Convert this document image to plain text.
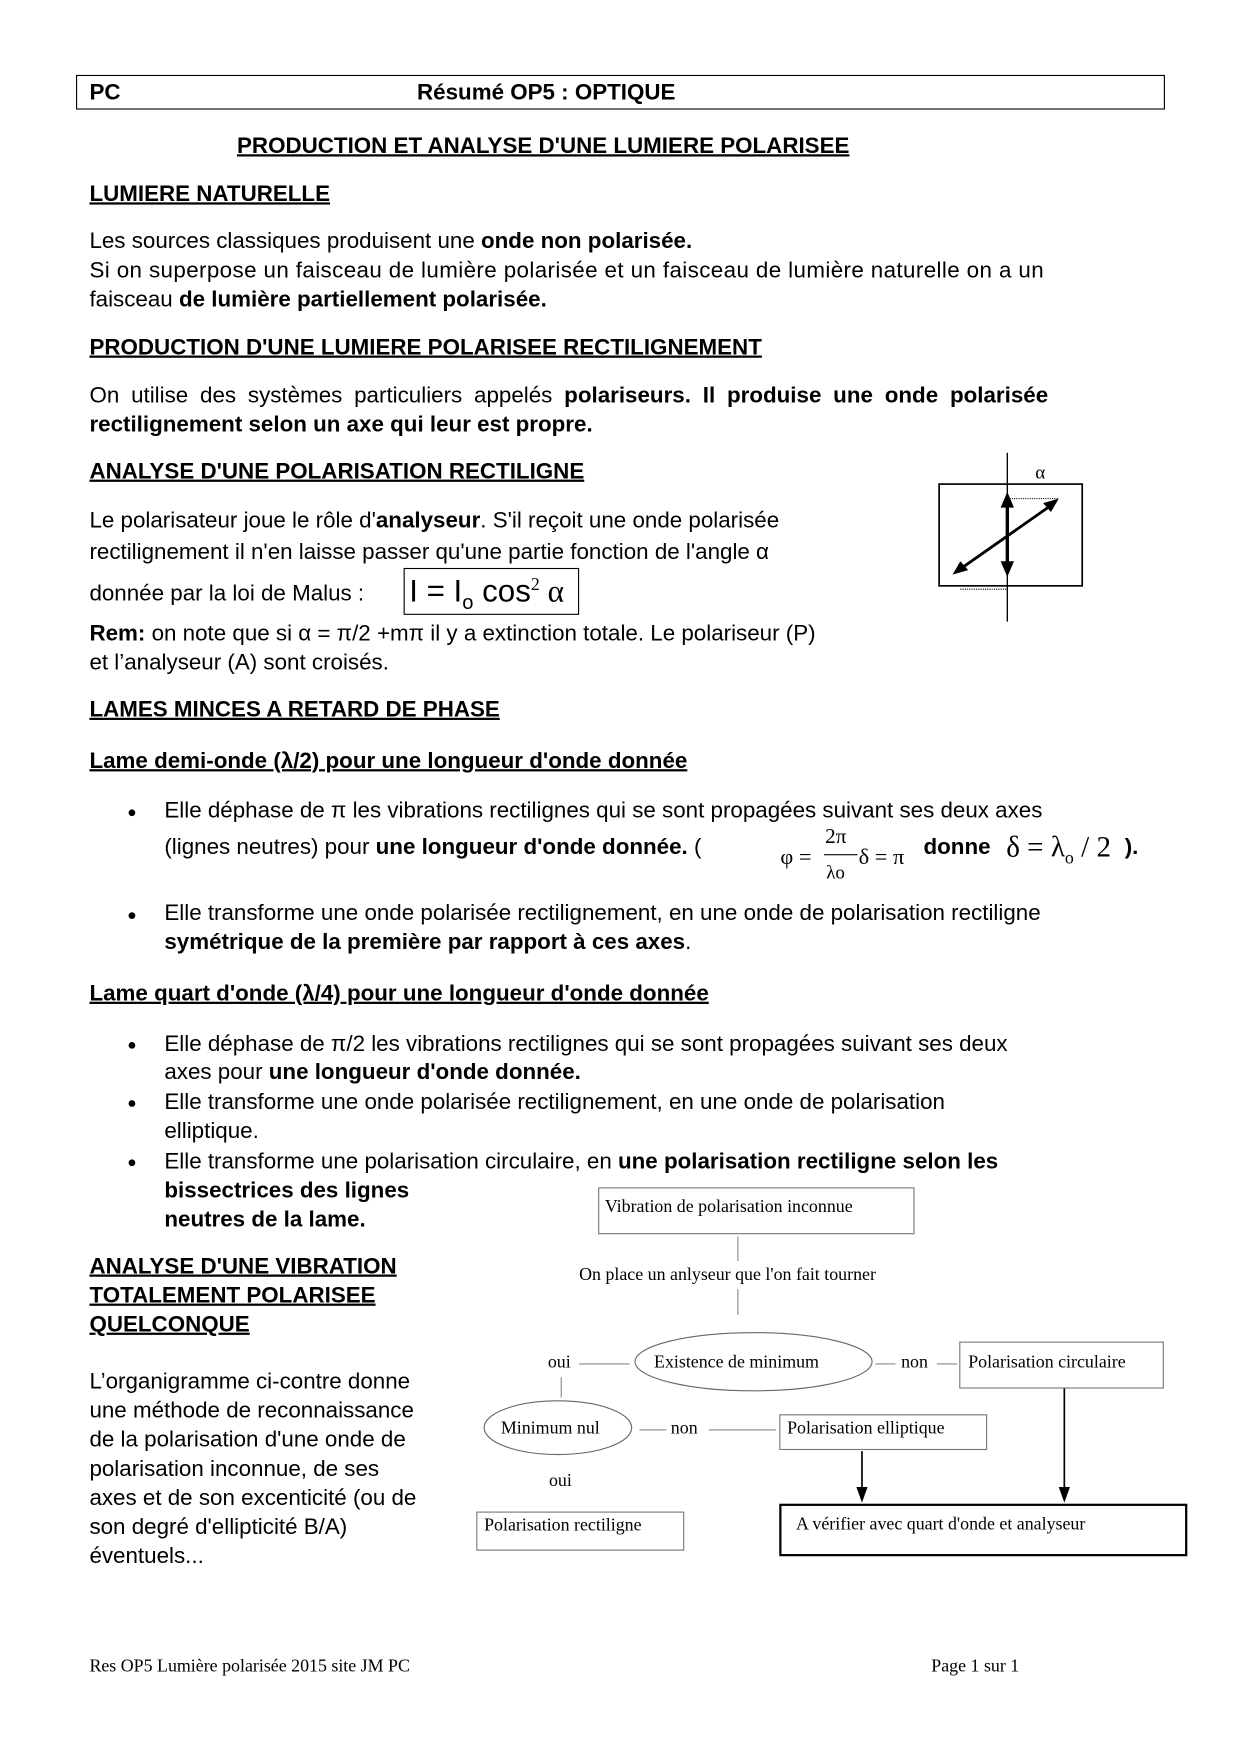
PC	Résumé OP5 : OPTIQUE
PRODUCTION ET ANALYSE D'UNE LUMIERE POLARISEE
LUMIERE NATURELLE
Les sources classiques produisent une onde non polarisée.
Si on superpose un faisceau de lumière polarisée et un faisceau de lumière naturelle on a un
faisceau de lumière partiellement polarisée.
PRODUCTION D'UNE LUMIERE POLARISEE RECTILIGNEMENT
On utilise des systèmes particuliers appelés polariseurs. Il produise une onde polarisée
rectilignement selon un axe qui leur est propre.
ANALYSE D'UNE POLARISATION RECTILIGNE
Le polarisateur joue le rôle d'analyseur. S'il reçoit une onde polarisée
rectilignement il n'en laisse passer qu'une partie fonction de l'angle α
donnée par la loi de Malus : $I = I_o$ $\cos^2 \alpha$
Rem: on note que si α = π/2 +mπ il y a extinction totale. Le polariseur (P)
et l’analyseur (A) sont croisés.
α
LAMES MINCES A RETARD DE PHASE
Lame demi-onde (λ/2) pour une longueur d'onde donnée
Elle déphase de π les vibrations rectilignes qui se sont propagées suivant ses deux axes
(lignes neutres) pour une longueur d'onde donnée. (	φ =
2π
λo
δ = π donne $\delta = \lambda_o / 2$ ).
Elle transforme une onde polarisée rectilignement, en une onde de polarisation rectiligne
symétrique de la première par rapport à ces axes.
Lame quart d'onde (λ/4) pour une longueur d'onde donnée
Elle déphase de π/2 les vibrations rectilignes qui se sont propagées suivant ses deux
axes pour une longueur d'onde donnée.
Elle transforme une onde polarisée rectilignement, en une onde de polarisation
elliptique.
Elle transforme une polarisation circulaire, en une polarisation rectiligne selon les
bissectrices des lignes
neutres de la lame.
ANALYSE D'UNE VIBRATION
TOTALEMENT POLARISEE
QUELCONQUE
L’organigramme ci-contre donne
une méthode de reconnaissance
de la polarisation d'une onde de
polarisation inconnue, de ses
axes et de son excenticité (ou de
son degré d'ellipticité B/A)
éventuels...
Vibration de polarisation inconnue
On place un anlyseur que l'on fait tourner
Existence de minimum
oui	non	Polarisation circulaire
Minimum nul	non	Polarisation elliptique
oui
Polarisation rectiligne	A vérifier avec quart d'onde et analyseur
Res OP5 Lumière polarisée 2015 site JM PC	Page 1 sur 1
